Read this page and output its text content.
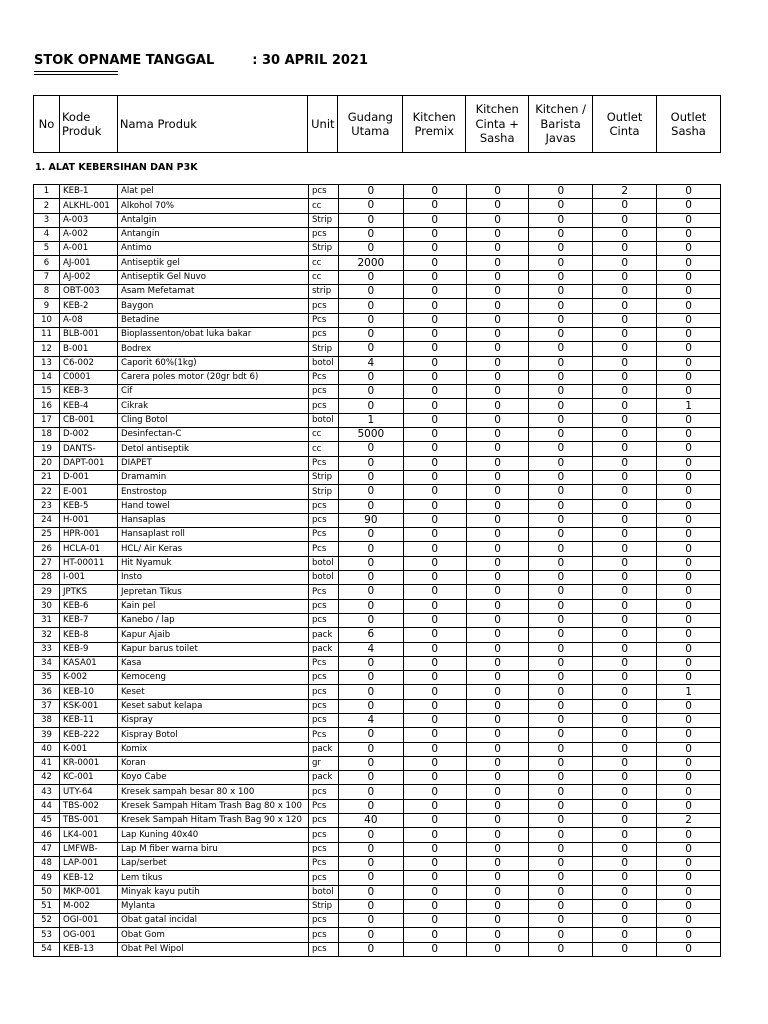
STOK OPNAME TANGGAL	: 30 APRIL 2021
No	Kode Produk	Nama Produk	Unit	Gudang Utama	Kitchen Premix	Kitchen Cinta + Sasha	Kitchen / Barista Javas	Outlet Cinta	Outlet Sasha
1. ALAT KEBERSIHAN DAN P3K
1	KEB-1	Alat pel	pcs	0	0	0	0	2	0
2	ALKHL-001	Alkohol 70%	cc	0	0	0	0	0	0
3	A-003	Antalgin	Strip	0	0	0	0	0	0
4	A-002	Antangin	pcs	0	0	0	0	0	0
5	A-001	Antimo	Strip	0	0	0	0	0	0
6	AJ-001	Antiseptik gel	cc	2000	0	0	0	0	0
7	AJ-002	Antiseptik Gel Nuvo	cc	0	0	0	0	0	0
8	OBT-003	Asam Mefetamat	strip	0	0	0	0	0	0
9	KEB-2	Baygon	pcs	0	0	0	0	0	0
10	A-08	Betadine	Pcs	0	0	0	0	0	0
11	BLB-001	Bioplassenton/obat luka bakar	pcs	0	0	0	0	0	0
12	B-001	Bodrex	Strip	0	0	0	0	0	0
13	C6-002	Caporit 60%(1kg)	botol	4	0	0	0	0	0
14	C0001	Carera poles motor (20gr bdt 6)	Pcs	0	0	0	0	0	0
15	KEB-3	Cif	pcs	0	0	0	0	0	0
16	KEB-4	Cikrak	pcs	0	0	0	0	0	1
17	CB-001	Cling Botol	botol	1	0	0	0	0	0
18	D-002	Desinfectan-C	cc	5000	0	0	0	0	0
19	DANTS-	Detol antiseptik	cc	0	0	0	0	0	0
20	DAPT-001	DIAPET	Pcs	0	0	0	0	0	0
21	D-001	Dramamin	Strip	0	0	0	0	0	0
22	E-001	Enstrostop	Strip	0	0	0	0	0	0
23	KEB-5	Hand towel	pcs	0	0	0	0	0	0
24	H-001	Hansaplas	pcs	90	0	0	0	0	0
25	HPR-001	Hansaplast roll	Pcs	0	0	0	0	0	0
26	HCLA-01	HCL/ Air Keras	Pcs	0	0	0	0	0	0
27	HT-00011	Hit Nyamuk	botol	0	0	0	0	0	0
28	I-001	Insto	botol	0	0	0	0	0	0
29	JPTKS	Jepretan Tikus	Pcs	0	0	0	0	0	0
30	KEB-6	Kain pel	pcs	0	0	0	0	0	0
31	KEB-7	Kanebo / lap	pcs	0	0	0	0	0	0
32	KEB-8	Kapur Ajaib	pack	6	0	0	0	0	0
33	KEB-9	Kapur barus toilet	pack	4	0	0	0	0	0
34	KASA01	Kasa	Pcs	0	0	0	0	0	0
35	K-002	Kemoceng	pcs	0	0	0	0	0	0
36	KEB-10	Keset	pcs	0	0	0	0	0	1
37	KSK-001	Keset sabut kelapa	pcs	0	0	0	0	0	0
38	KEB-11	Kispray	pcs	4	0	0	0	0	0
39	KEB-222	Kispray Botol	Pcs	0	0	0	0	0	0
40	K-001	Komix	pack	0	0	0	0	0	0
41	KR-0001	Koran	gr	0	0	0	0	0	0
42	KC-001	Koyo Cabe	pack	0	0	0	0	0	0
43	UTY-64	Kresek sampah besar 80 x 100	pcs	0	0	0	0	0	0
44	TBS-002	Kresek Sampah Hitam Trash Bag 80 x 100	Pcs	0	0	0	0	0	0
45	TBS-001	Kresek Sampah Hitam Trash Bag 90 x 120	pcs	40	0	0	0	0	2
46	LK4-001	Lap Kuning 40x40	pcs	0	0	0	0	0	0
47	LMFWB-	Lap M fiber warna biru	pcs	0	0	0	0	0	0
48	LAP-001	Lap/serbet	Pcs	0	0	0	0	0	0
49	KEB-12	Lem tikus	pcs	0	0	0	0	0	0
50	MKP-001	Minyak kayu putih	botol	0	0	0	0	0	0
51	M-002	Mylanta	Strip	0	0	0	0	0	0
52	OGI-001	Obat gatal incidal	pcs	0	0	0	0	0	0
53	OG-001	Obat Gom	pcs	0	0	0	0	0	0
54	KEB-13	Obat Pel Wipol	pcs	0	0	0	0	0	0
